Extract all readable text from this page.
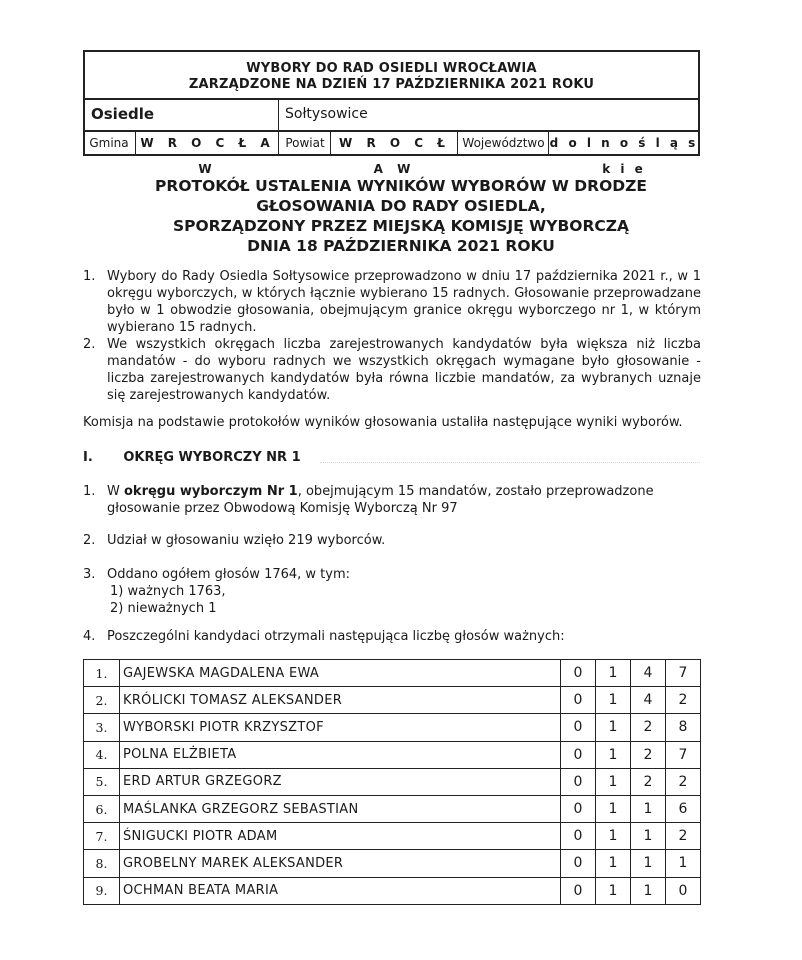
WYBORY DO RAD OSIEDLI WROCŁAWIA
ZARZĄDZONE NA DZIEŃ 17 PAŹDZIERNIKA 2021 ROKU
Osiedle	Sołtysowice
Gmina W R O C Ł A W
Powiat	W R O C Ł A W
Województwo d o l n o ś l ą s k i e
PROTOKÓŁ USTALENIA WYNIKÓW WYBORÓW W DRODZE
GŁOSOWANIA DO RADY OSIEDLA,
SPORZĄDZONY PRZEZ MIEJSKĄ KOMISJĘ WYBORCZĄ
DNIA 18 PAŹDZIERNIKA 2021 ROKU
1. Wybory do Rady Osiedla Sołtysowice przeprowadzono w dniu 17 października 2021 r., w 1 okręgu wyborczych, w których łącznie wybierano 15 radnych. Głosowanie przeprowadzane było w 1 obwodzie głosowania, obejmującym granice okręgu wyborczego nr 1, w którym wybierano 15 radnych.
2. We wszystkich okręgach liczba zarejestrowanych kandydatów była większa niż liczba mandatów - do wyboru radnych we wszystkich okręgach wymagane było głosowanie - liczba zarejestrowanych kandydatów była równa liczbie mandatów, za wybranych uznaje się zarejestrowanych kandydatów.
Komisja na podstawie protokołów wyników głosowania ustaliła następujące wyniki wyborów.
I. OKRĘG WYBORCZY NR 1
1. W okręgu wyborczym Nr 1, obejmującym 15 mandatów, zostało przeprowadzone
głosowanie przez Obwodową Komisję Wyborczą Nr 97
2. Udział w głosowaniu wzięło 219 wyborców.
3. Oddano ogółem głosów 1764, w tym:
1) ważnych 1763,
2) nieważnych 1
4. Poszczególni kandydaci otrzymali następująca liczbę głosów ważnych:
1.	GAJEWSKA MAGDALENA EWA	0	1	4	7
2.	KRÓLICKI TOMASZ ALEKSANDER	0	1	4	2
3.	WYBORSKI PIOTR KRZYSZTOF	0	1	2	8
4.	POLNA ELŻBIETA	0	1	2	7
5.	ERD ARTUR GRZEGORZ	0	1	2	2
6.	MAŚLANKA GRZEGORZ SEBASTIAN	0	1	1	6
7.	ŚNIGUCKI PIOTR ADAM	0	1	1	2
8.	GROBELNY MAREK ALEKSANDER	0	1	1	1
9.	OCHMAN BEATA MARIA	0	1	1	0
